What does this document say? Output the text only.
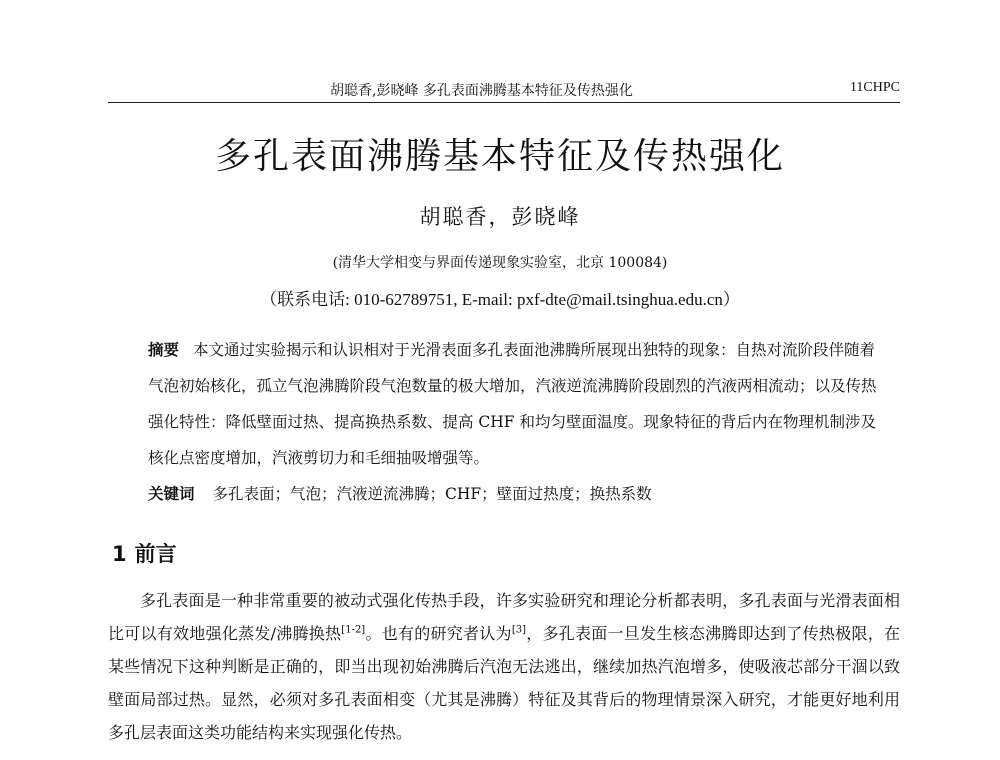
胡聪香,彭晓峰 多孔表面沸腾基本特征及传热强化	11CHPC
多孔表面沸腾基本特征及传热强化
胡聪香，彭晓峰
(清华大学相变与界面传递现象实验室，北京 100084)
（联系电话: 010-62789751, E-mail: pxf-dte@mail.tsinghua.edu.cn）
摘要 本文通过实验揭示和认识相对于光滑表面多孔表面池沸腾所展现出独特的现象：自热对流阶段伴随着气泡初始核化，孤立气泡沸腾阶段气泡数量的极大增加，汽液逆流沸腾阶段剧烈的汽液两相流动；以及传热强化特性：降低壁面过热、提高换热系数、提高 CHF 和均匀壁面温度。现象特征的背后内在物理机制涉及核化点密度增加，汽液剪切力和毛细抽吸增强等。
关键词 多孔表面；气泡；汽液逆流沸腾；CHF；壁面过热度；换热系数
1 前言

多孔表面是一种非常重要的被动式强化传热手段，许多实验研究和理论分析都表明，多孔表面与光滑表面相比可以有效地强化蒸发/沸腾换热[1-2]。也有的研究者认为[3]，多孔表面一旦发生核态沸腾即达到了传热极限，在某些情况下这种判断是正确的，即当出现初始沸腾后汽泡无法逃出，继续加热汽泡增多，使吸液芯部分干涸以致壁面局部过热。显然，必须对多孔表面相变（尤其是沸腾）特征及其背后的物理情景深入研究，才能更好地利用多孔层表面这类功能结构来实现强化传热。
